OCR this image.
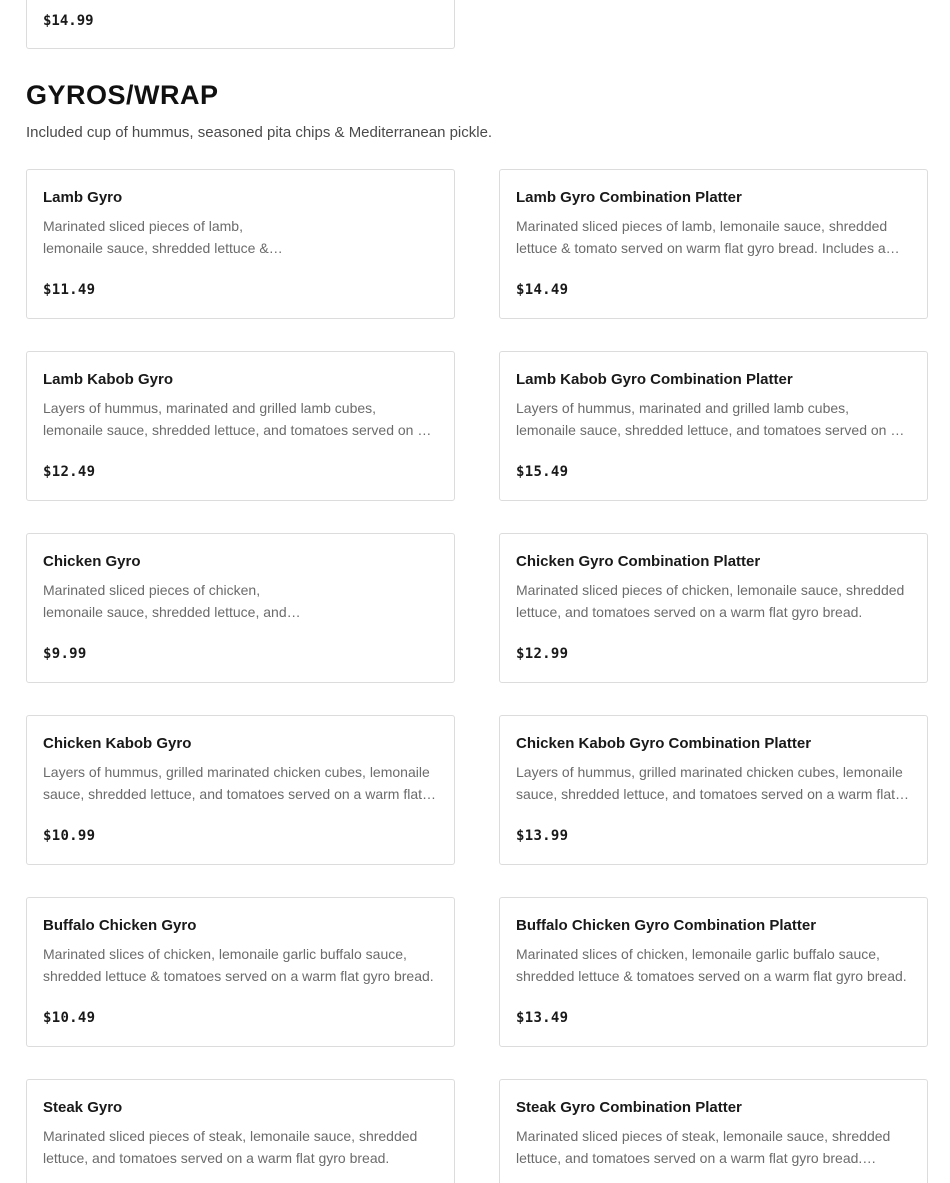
$14.99
GYROS/WRAP
Included cup of hummus, seasoned pita chips & Mediterranean pickle.
Lamb Gyro
Marinated sliced pieces of lamb, lemonaile sauce, shredded lettuce &
$11.49
Lamb Gyro Combination Platter
Marinated sliced pieces of lamb, lemonaile sauce, shredded lettuce & tomato served on warm flat gyro bread. Includes a
$14.49
Lamb Kabob Gyro
Layers of hummus, marinated and grilled lamb cubes, lemonaile sauce, shredded lettuce, and tomatoes served on a
$12.49
Lamb Kabob Gyro Combination Platter
Layers of hummus, marinated and grilled lamb cubes, lemonaile sauce, shredded lettuce, and tomatoes served on a
$15.49
Chicken Gyro
Marinated sliced pieces of chicken, lemonaile sauce, shredded lettuce, and
$9.99
Chicken Gyro Combination Platter
Marinated sliced pieces of chicken, lemonaile sauce, shredded lettuce, and tomatoes served on a warm flat gyro bread.
$12.99
Chicken Kabob Gyro
Layers of hummus, grilled marinated chicken cubes, lemonaile sauce, shredded lettuce, and tomatoes served on a warm flat
$10.99
Chicken Kabob Gyro Combination Platter
Layers of hummus, grilled marinated chicken cubes, lemonaile sauce, shredded lettuce, and tomatoes served on a warm flat
$13.99
Buffalo Chicken Gyro
Marinated slices of chicken, lemonaile garlic buffalo sauce, shredded lettuce & tomatoes served on a warm flat gyro bread.
$10.49
Buffalo Chicken Gyro Combination Platter
Marinated slices of chicken, lemonaile garlic buffalo sauce, shredded lettuce & tomatoes served on a warm flat gyro bread.
$13.49
Steak Gyro
Marinated sliced pieces of steak, lemonaile sauce, shredded lettuce, and tomatoes served on a warm flat gyro bread.
Steak Gyro Combination Platter
Marinated sliced pieces of steak, lemonaile sauce, shredded lettuce, and tomatoes served on a warm flat gyro bread.
